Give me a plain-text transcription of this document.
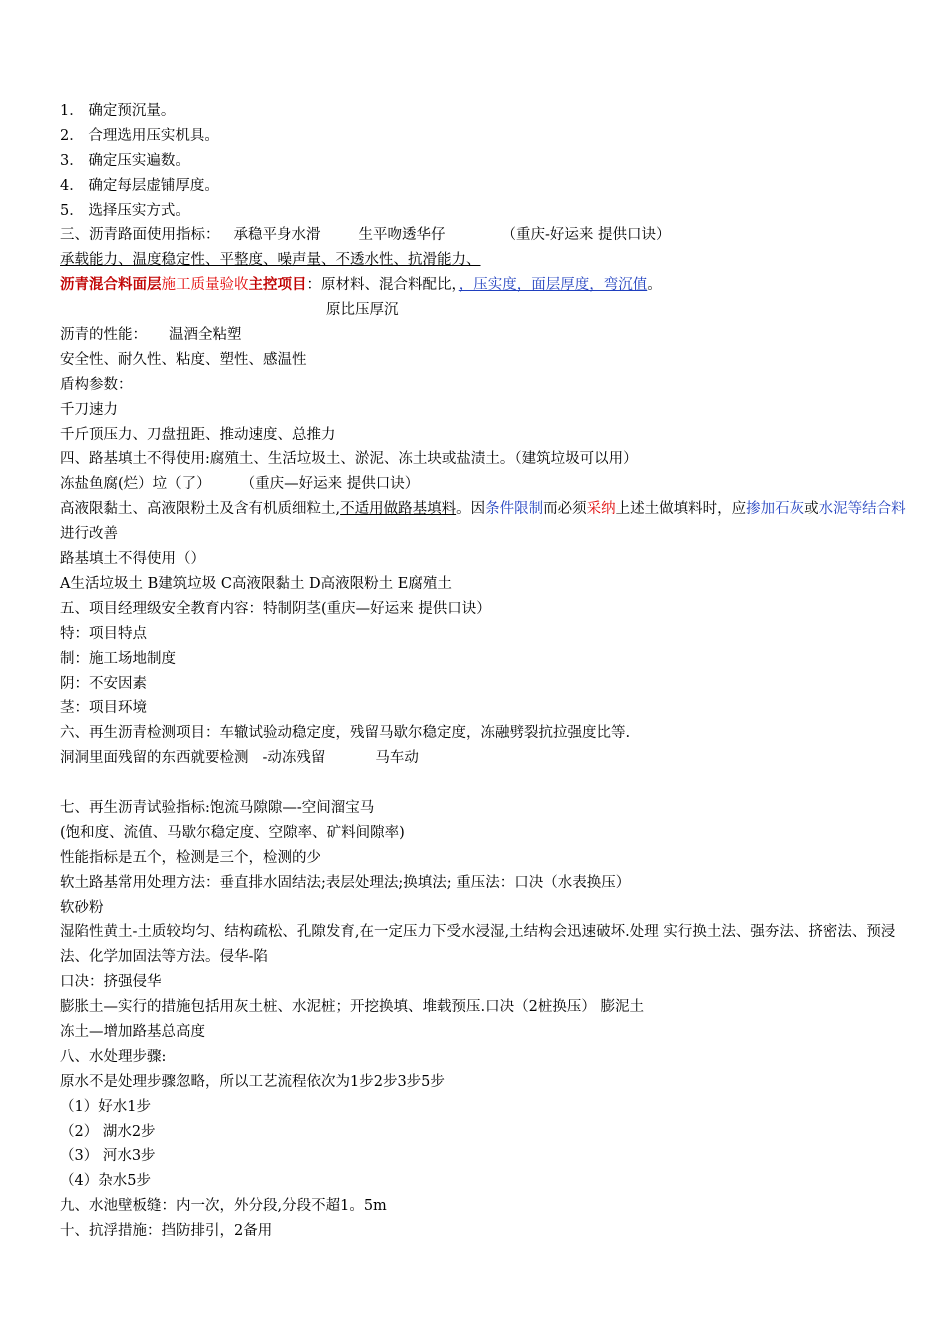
1． 确定预沉量。
2． 合理选用压实机具。
3． 确定压实遍数。
4． 确定每层虚铺厚度。
5． 选择压实方式。
三、沥青路面使用指标： 承稳平身水滑	生平吻透华仔	（重庆-好运来 提供口诀）
承载能力、温度稳定性、平整度、噪声量、不透水性、抗滑能力、
沥青混合料面层施工质量验收主控项目：原材料、混合料配比，，压实度，面层厚度，弯沉值。
原比压厚沉
沥青的性能： 温酒全粘塑
安全性、耐久性、粘度、塑性、感温性
盾构参数：
千刀速力
千斤顶压力、刀盘扭距、推动速度、总推力
四、路基填土不得使用:腐殖土、生活垃圾土、淤泥、冻土块或盐渍土。（建筑垃圾可以用）
冻盐鱼腐(烂）垃（了） （重庆—好运来 提供口诀）
高液限黏土、高液限粉土及含有机质细粒土,不适用做路基填料。因条件限制而必须采纳上述土做填料时，应掺加石灰或水泥等结合料进行改善
路基填土不得使用（）
A生活垃圾土 B建筑垃圾 C高液限黏土 D高液限粉土 E腐殖土
五、项目经理级安全教育内容：特制阴茎(重庆—好运来 提供口诀）
特：项目特点
制：施工场地制度
阴：不安因素
茎：项目环境
六、再生沥青检测项目：车辙试验动稳定度，残留马歇尔稳定度，冻融劈裂抗拉强度比等.
洞洞里面残留的东西就要检测 -动冻残留	马车动
七、再生沥青试验指标:饱流马隙隙—-空间溜宝马
(饱和度、流值、马歇尔稳定度、空隙率、矿料间隙率)
性能指标是五个，检测是三个，检测的少
软土路基常用处理方法：垂直排水固结法;表层处理法;换填法; 重压法：口决（水表换压）
软砂粉
湿陷性黄土-土质较均匀、结构疏松、孔隙发育,在一定压力下受水浸湿,土结构会迅速破坏.处理 实行换土法、强夯法、挤密法、预浸法、化学加固法等方法。侵华-陷
口决：挤强侵华
膨胀土—实行的措施包括用灰土桩、水泥桩；开挖换填、堆载预压.口决（2桩换压） 膨泥土
冻土—增加路基总高度
八、水处理步骤:
原水不是处理步骤忽略，所以工艺流程依次为1步2步3步5步
（1）好水1步
（2） 湖水2步
（3） 河水3步
（4）杂水5步
九、水池壁板缝：内一次，外分段,分段不超1。5m
十、抗浮措施：挡防排引，2备用
